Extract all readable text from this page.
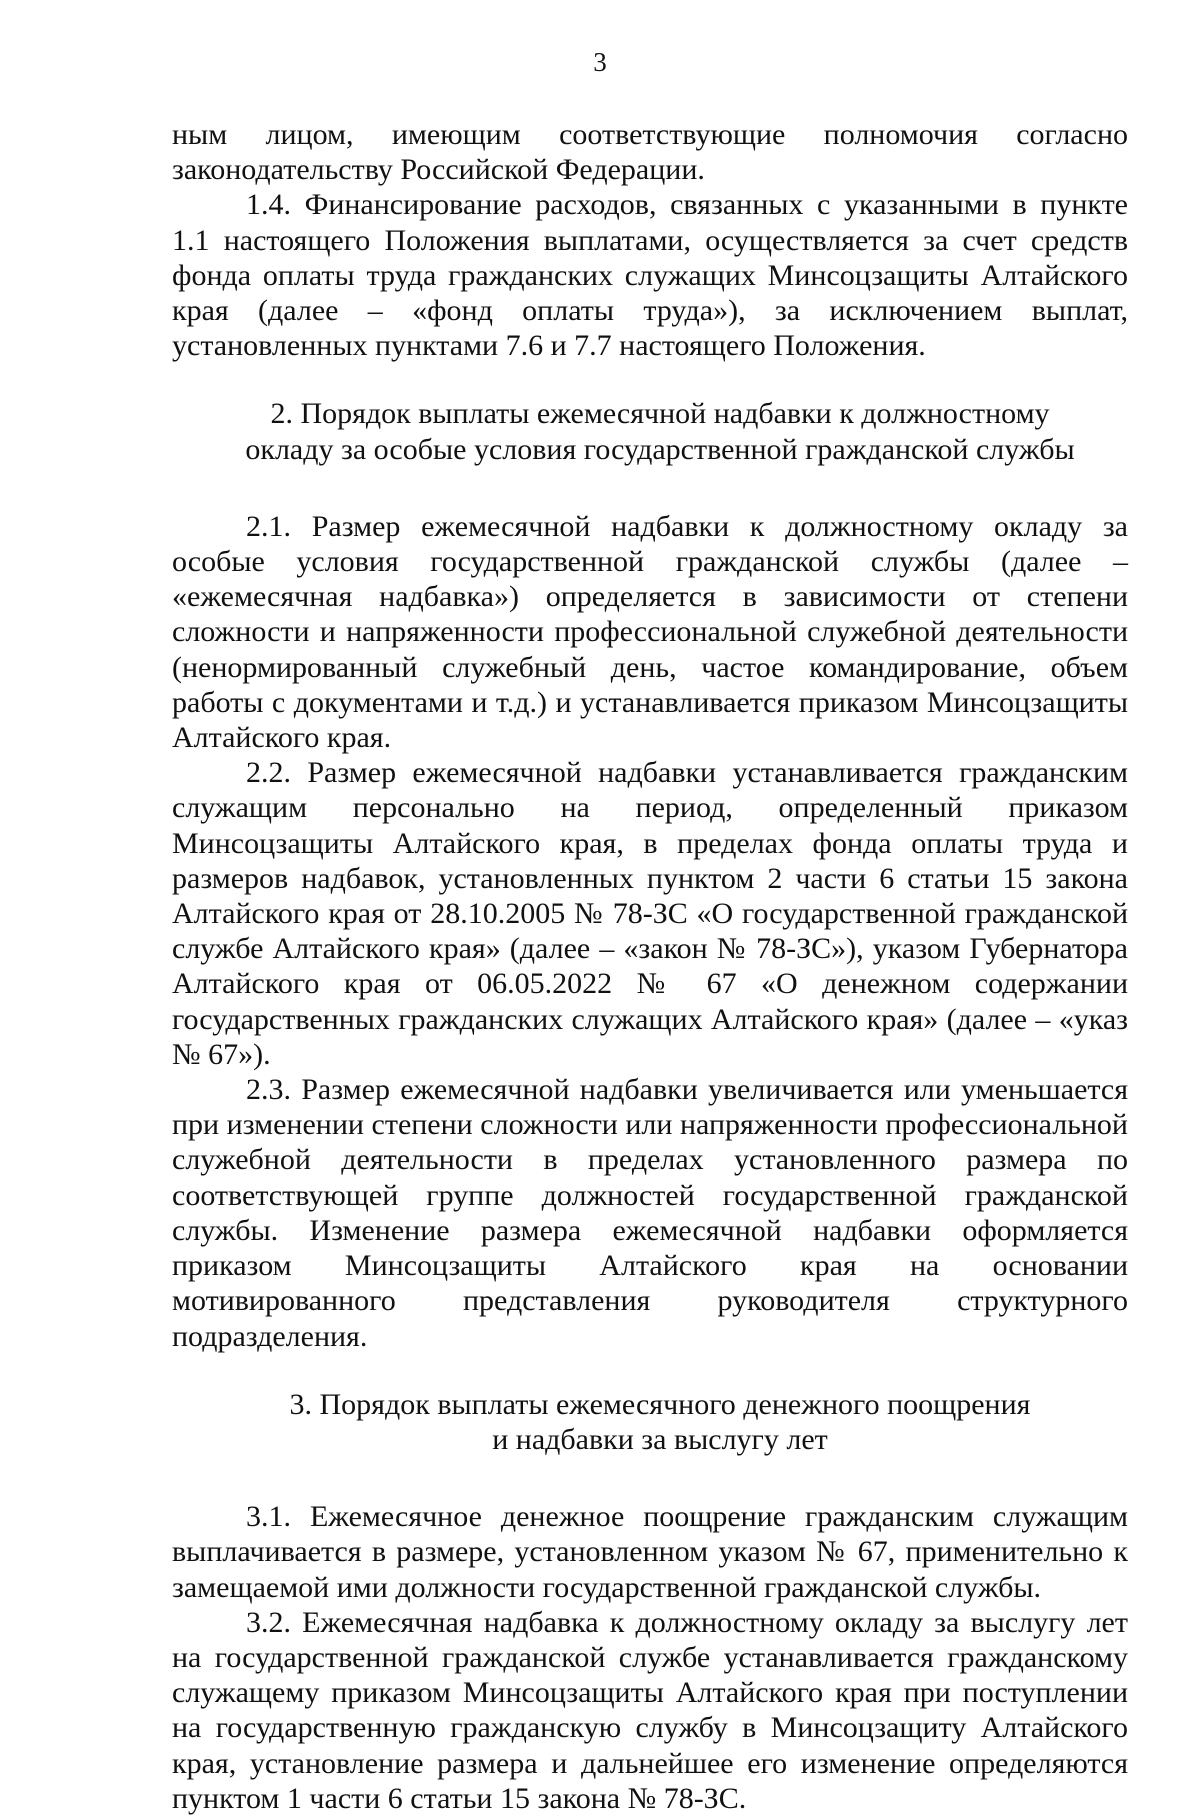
3

ным лицом, имеющим соответствующие полномочия согласно законодательству Российской Федерации.

1.4. Финансирование расходов, связанных с указанными в пункте 1.1 настоящего Положения выплатами, осуществляется за счет средств фонда оплаты труда гражданских служащих Минсоцзащиты Алтайского края (далее – «фонд оплаты труда»), за исключением выплат, установленных пунктами 7.6 и 7.7 настоящего Положения.

2. Порядок выплаты ежемесячной надбавки к должностному
окладу за особые условия государственной гражданской службы

2.1. Размер ежемесячной надбавки к должностному окладу за особые условия государственной гражданской службы (далее – «ежемесячная надбавка») определяется в зависимости от степени сложности и напряженности профессиональной служебной деятельности (ненормированный служебный день, частое командирование, объем работы с документами и т.д.) и устанавливается приказом Минсоцзащиты Алтайского края.

2.2. Размер ежемесячной надбавки устанавливается гражданским служащим персонально на период, определенный приказом Минсоцзащиты Алтайского края, в пределах фонда оплаты труда и размеров надбавок, установленных пунктом 2 части 6 статьи 15 закона Алтайского края от 28.10.2005 № 78-ЗС «О государственной гражданской службе Алтайского края» (далее – «закон № 78-ЗС»), указом Губернатора Алтайского края от 06.05.2022 № 67 «О денежном содержании государственных гражданских служащих Алтайского края» (далее – «указ № 67»).

2.3. Размер ежемесячной надбавки увеличивается или уменьшается при изменении степени сложности или напряженности профессиональной служебной деятельности в пределах установленного размера по соответствующей группе должностей государственной гражданской службы. Изменение размера ежемесячной надбавки оформляется приказом Минсоцзащиты Алтайского края на основании мотивированного представления руководителя структурного подразделения.

3. Порядок выплаты ежемесячного денежного поощрения
и надбавки за выслугу лет

3.1. Ежемесячное денежное поощрение гражданским служащим выплачивается в размере, установленном указом № 67, применительно к замещаемой ими должности государственной гражданской службы.

3.2. Ежемесячная надбавка к должностному окладу за выслугу лет на государственной гражданской службе устанавливается гражданскому служащему приказом Минсоцзащиты Алтайского края при поступлении на государственную гражданскую службу в Минсоцзащиту Алтайского края, установление размера и дальнейшее его изменение определяются пунктом 1 части 6 статьи 15 закона № 78-ЗС.
